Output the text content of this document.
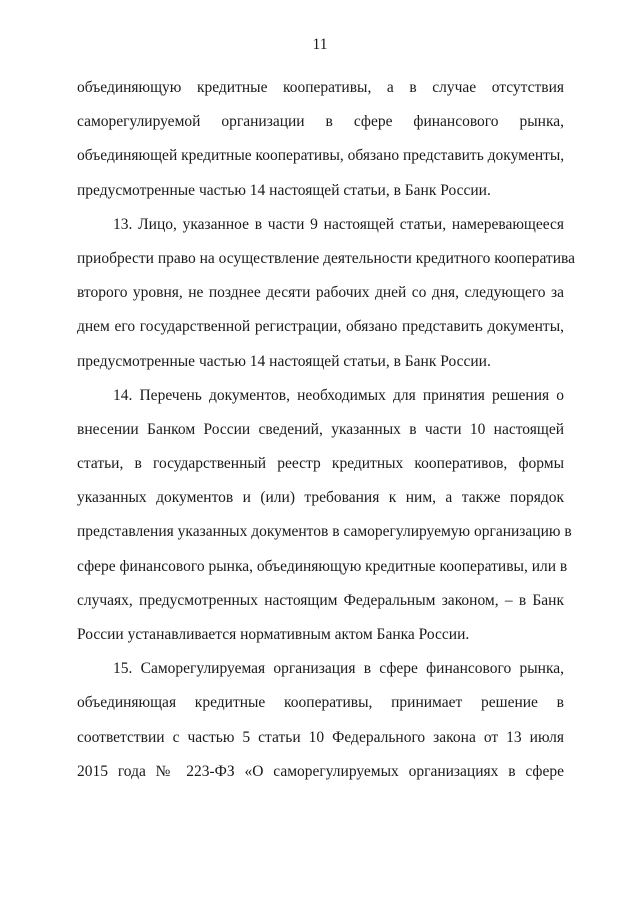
11
объединяющую кредитные кооперативы, а в случае отсутствия
саморегулируемой организации в сфере финансового рынка,
объединяющей кредитные кооперативы, обязано представить документы,
предусмотренные частью 14 настоящей статьи, в Банк России.
13. Лицо, указанное в части 9 настоящей статьи, намеревающееся
приобрести право на осуществление деятельности кредитного кооператива
второго уровня, не позднее десяти рабочих дней со дня, следующего за
днем его государственной регистрации, обязано представить документы,
предусмотренные частью 14 настоящей статьи, в Банк России.
14. Перечень документов, необходимых для принятия решения о
внесении Банком России сведений, указанных в части 10 настоящей
статьи, в государственный реестр кредитных кооперативов, формы
указанных документов и (или) требования к ним, а также порядок
представления указанных документов в саморегулируемую организацию в
сфере финансового рынка, объединяющую кредитные кооперативы, или в
случаях, предусмотренных настоящим Федеральным законом, – в Банк
России устанавливается нормативным актом Банка России.
15. Саморегулируемая организация в сфере финансового рынка,
объединяющая кредитные кооперативы, принимает решение в
соответствии с частью 5 статьи 10 Федерального закона от 13 июля
2015 года № 223-ФЗ «О саморегулируемых организациях в сфере
